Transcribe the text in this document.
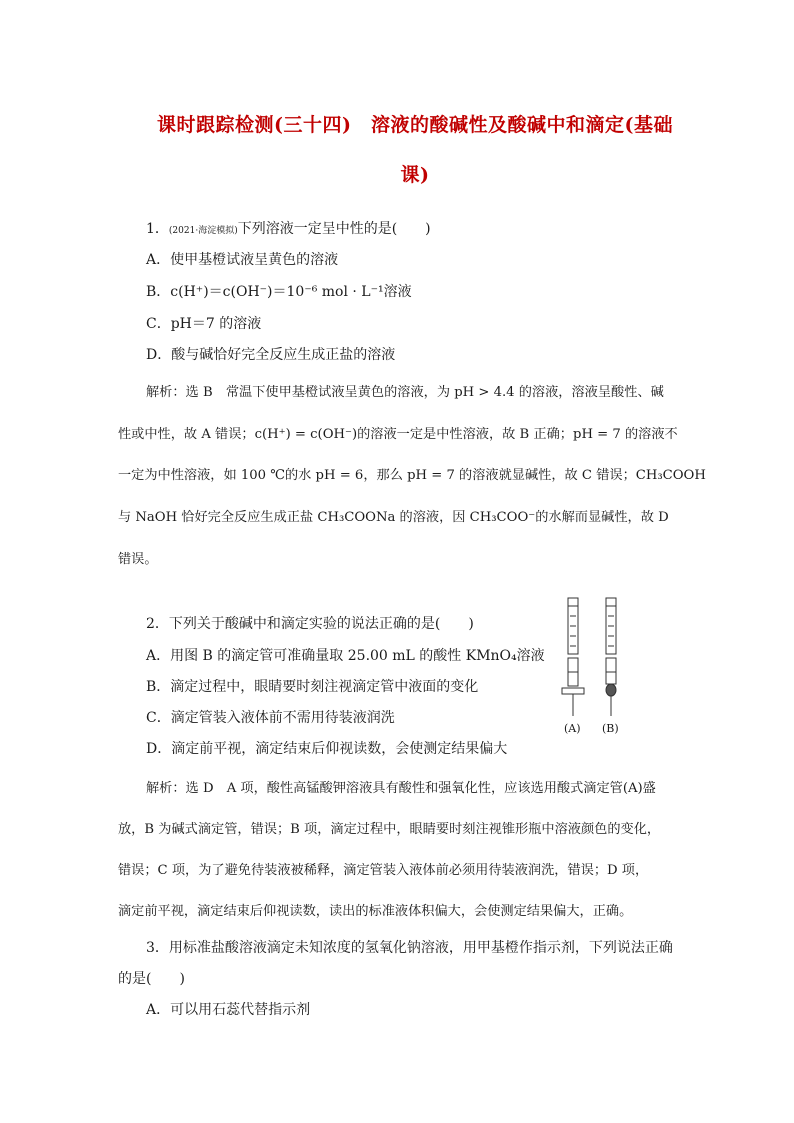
课时跟踪检测(三十四)　溶液的酸碱性及酸碱中和滴定(基础
课)
1．(2021·海淀模拟)下列溶液一定呈中性的是(　　)
A．使甲基橙试液呈黄色的溶液
B．c(H⁺)＝c(OH⁻)＝10⁻⁶ mol · L⁻¹溶液
C．pH＝7 的溶液
D．酸与碱恰好完全反应生成正盐的溶液
解析：选 B　常温下使甲基橙试液呈黄色的溶液，为 pH > 4.4 的溶液，溶液呈酸性、碱
性或中性，故 A 错误；c(H⁺) = c(OH⁻)的溶液一定是中性溶液，故 B 正确；pH = 7 的溶液不
一定为中性溶液，如 100 ℃的水 pH = 6，那么 pH = 7 的溶液就显碱性，故 C 错误；CH₃COOH
与 NaOH 恰好完全反应生成正盐 CH₃COONa 的溶液，因 CH₃COO⁻的水解而显碱性，故 D
错误。
2．下列关于酸碱中和滴定实验的说法正确的是(　　)
A．用图 B 的滴定管可准确量取 25.00 mL 的酸性 KMnO₄溶液
B．滴定过程中，眼睛要时刻注视滴定管中液面的变化
C．滴定管装入液体前不需用待装液润洗
D．滴定前平视，滴定结束后仰视读数，会使测定结果偏大
(A) (B)
解析：选 D　A 项，酸性高锰酸钾溶液具有酸性和强氧化性，应该选用酸式滴定管(A)盛
放，B 为碱式滴定管，错误；B 项，滴定过程中，眼睛要时刻注视锥形瓶中溶液颜色的变化，
错误；C 项，为了避免待装液被稀释，滴定管装入液体前必须用待装液润洗，错误；D 项，
滴定前平视，滴定结束后仰视读数，读出的标准液体积偏大，会使测定结果偏大，正确。
3．用标准盐酸溶液滴定未知浓度的氢氧化钠溶液，用甲基橙作指示剂，下列说法正确
的是(　　)
A．可以用石蕊代替指示剂
